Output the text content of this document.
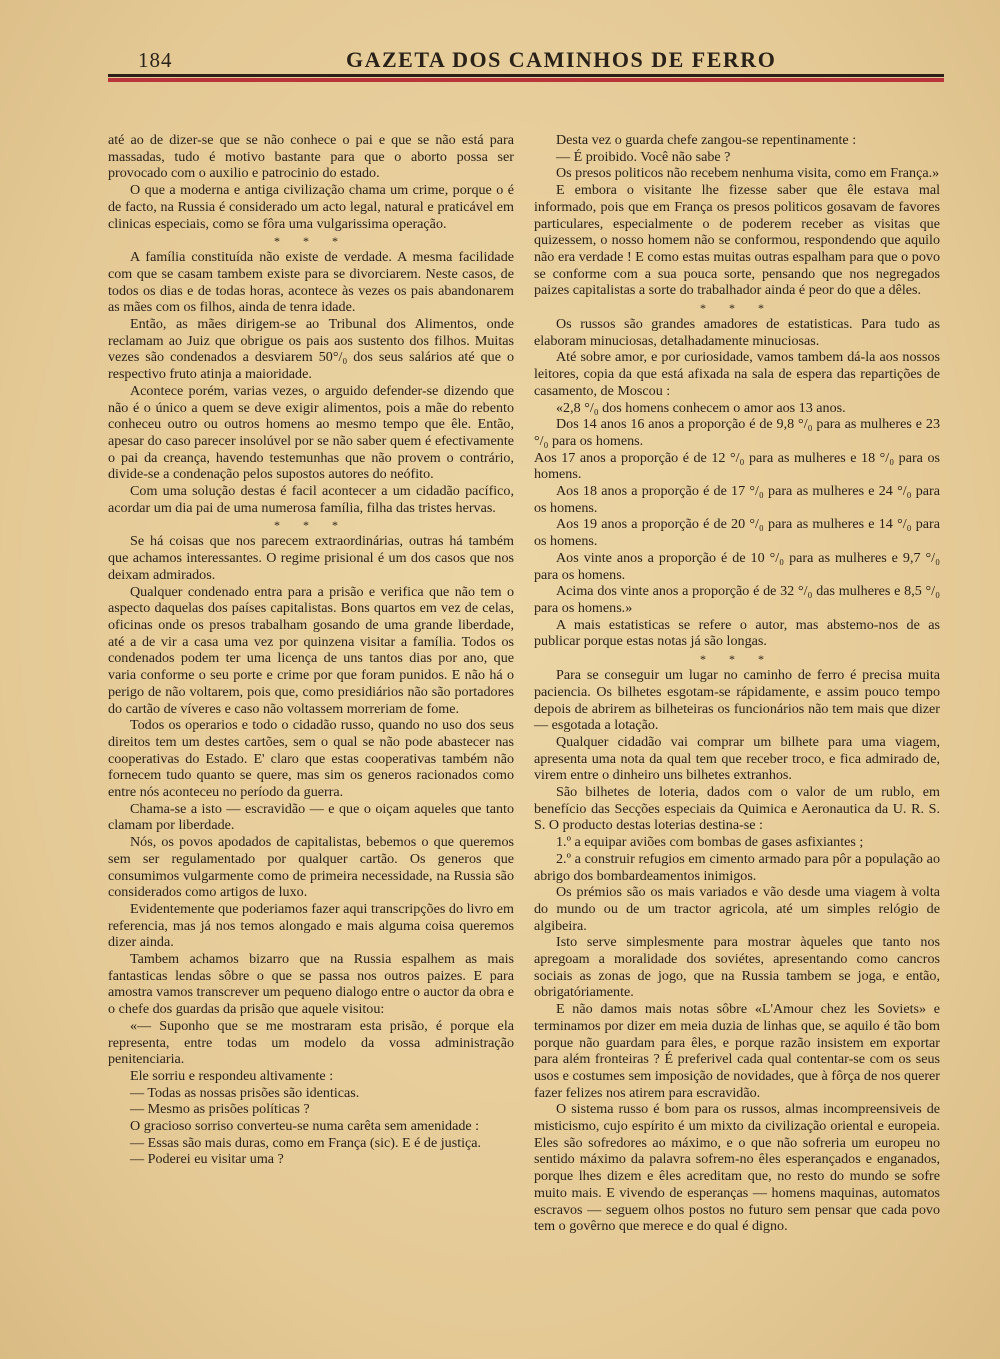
184	GAZETA DOS CAMINHOS DE FERRO

até ao de dizer-se que se não conhece o pai e que se não está para massadas, tudo é motivo bastante para que o aborto possa ser provocado com o auxilio e patrocinio do estado.

O que a moderna e antiga civilização chama um crime, porque o é de facto, na Russia é considerado um acto legal, natural e praticável em clinicas especiais, como se fôra uma vulgarissima operação.

* * *

A família constituída não existe de verdade. A mesma facilidade com que se casam tambem existe para se divorciarem. Neste casos, de todos os dias e de todas horas, acontece às vezes os pais abandonarem as mães com os filhos, ainda de tenra idade.

Então, as mães dirigem-se ao Tribunal dos Alimentos, onde reclamam ao Juiz que obrigue os pais aos sustento dos filhos. Muitas vezes são condenados a desviarem 50°/₀ dos seus salários até que o respectivo fruto atinja a maioridade.

Acontece porém, varias vezes, o arguido defender-se dizendo que não é o único a quem se deve exigir alimentos, pois a mãe do rebento conheceu outro ou outros homens ao mesmo tempo que êle. Então, apesar do caso parecer insolúvel por se não saber quem é efectivamente o pai da creança, havendo testemunhas que não provem o contrário, divide-se a condenação pelos supostos autores do neófito.

Com uma solução destas é facil acontecer a um cidadão pacífico, acordar um dia pai de uma numerosa família, filha das tristes hervas.

* * *

Se há coisas que nos parecem extraordinárias, outras há também que achamos interessantes. O regime prisional é um dos casos que nos deixam admirados.

Qualquer condenado entra para a prisão e verifica que não tem o aspecto daquelas dos países capitalistas. Bons quartos em vez de celas, oficinas onde os presos trabalham gosando de uma grande liberdade, até a de vir a casa uma vez por quinzena visitar a família. Todos os condenados podem ter uma licença de uns tantos dias por ano, que varia conforme o seu porte e crime por que foram punidos. E não há o perigo de não voltarem, pois que, como presidiários não são portadores do cartão de víveres e caso não voltassem morreriam de fome.

Todos os operarios e todo o cidadão russo, quando no uso dos seus direitos tem um destes cartões, sem o qual se não pode abastecer nas cooperativas do Estado. E' claro que estas cooperativas também não fornecem tudo quanto se quere, mas sim os generos racionados como entre nós aconteceu no período da guerra.

Chama-se a isto — escravidão — e que o oiçam aqueles que tanto clamam por liberdade.

Nós, os povos apodados de capitalistas, bebemos o que queremos sem ser regulamentado por qualquer cartão. Os generos que consumimos vulgarmente como de primeira necessidade, na Russia são considerados como artigos de luxo.

Evidentemente que poderiamos fazer aqui transcripções do livro em referencia, mas já nos temos alongado e mais alguma coisa queremos dizer ainda.

Tambem achamos bizarro que na Russia espalhem as mais fantasticas lendas sôbre o que se passa nos outros paizes. E para amostra vamos transcrever um pequeno dialogo entre o auctor da obra e o chefe dos guardas da prisão que aquele visitou:

«— Suponho que se me mostraram esta prisão, é porque ela representa, entre todas um modelo da vossa administração penitenciaria.

Ele sorriu e respondeu altivamente :

— Todas as nossas prisões são identicas.

— Mesmo as prisões políticas ?

O gracioso sorriso converteu-se numa carêta sem amenidade :

— Essas são mais duras, como em França (sic). E é de justiça.

— Poderei eu visitar uma ?

Desta vez o guarda chefe zangou-se repentinamente :

— É proibido. Você não sabe ?

Os presos politicos não recebem nenhuma visita, como em França.»

E embora o visitante lhe fizesse saber que êle estava mal informado, pois que em França os presos politicos gosavam de favores particulares, especialmente o de poderem receber as visitas que quizessem, o nosso homem não se conformou, respondendo que aquilo não era verdade ! E como estas muitas outras espalham para que o povo se conforme com a sua pouca sorte, pensando que nos negregados paizes capitalistas a sorte do trabalhador ainda é peor do que a dêles.

* * *

Os russos são grandes amadores de estatisticas. Para tudo as elaboram minuciosas, detalhadamente minuciosas.

Até sobre amor, e por curiosidade, vamos tambem dá-la aos nossos leitores, copia da que está afixada na sala de espera das repartições de casamento, de Moscou :

«2,8 °/₀ dos homens conhecem o amor aos 13 anos.

Dos 14 anos 16 anos a proporção é de 9,8 °/₀ para as mulheres e 23 °/₀ para os homens.

Aos 17 anos a proporção é de 12 °/₀ para as mulheres e 18 °/₀ para os homens.

Aos 18 anos a proporção é de 17 °/₀ para as mulheres e 24 °/₀ para os homens.

Aos 19 anos a proporção é de 20 °/₀ para as mulheres e 14 °/₀ para os homens.

Aos vinte anos a proporção é de 10 °/₀ para as mulheres e 9,7 °/₀ para os homens.

Acima dos vinte anos a proporção é de 32 °/₀ das mulheres e 8,5 °/₀ para os homens.»

A mais estatisticas se refere o autor, mas abstemo-nos de as publicar porque estas notas já são longas.

* * *

Para se conseguir um lugar no caminho de ferro é precisa muita paciencia. Os bilhetes esgotam-se rápidamente, e assim pouco tempo depois de abrirem as bilheteiras os funcionários não tem mais que dizer — esgotada a lotação.

Qualquer cidadão vai comprar um bilhete para uma viagem, apresenta uma nota da qual tem que receber troco, e fica admirado de, virem entre o dinheiro uns bilhetes extranhos.

São bilhetes de loteria, dados com o valor de um rublo, em benefício das Secções especiais da Quimica e Aeronautica da U. R. S. S. O producto destas loterias destina-se :

1.º a equipar aviões com bombas de gases asfixiantes ;

2.º a construir refugios em cimento armado para pôr a população ao abrigo dos bombardeamentos inimigos.

Os prémios são os mais variados e vão desde uma viagem à volta do mundo ou de um tractor agricola, até um simples relógio de algibeira.

Isto serve simplesmente para mostrar àqueles que tanto nos apregoam a moralidade dos soviétes, apresentando como cancros sociais as zonas de jogo, que na Russia tambem se joga, e então, obrigatóriamente.

E não damos mais notas sôbre «L'Amour chez les Soviets» e terminamos por dizer em meia duzia de linhas que, se aquilo é tão bom porque não guardam para êles, e porque razão insistem em exportar para além fronteiras ? É preferivel cada qual contentar-se com os seus usos e costumes sem imposição de novidades, que à fôrça de nos querer fazer felizes nos atirem para escravidão.

O sistema russo é bom para os russos, almas incompreensiveis de misticismo, cujo espírito é um mixto da civilização oriental e europeia. Eles são sofredores ao máximo, e o que não sofreria um europeu no sentido máximo da palavra sofrem-no êles esperançados e enganados, porque lhes dizem e êles acreditam que, no resto do mundo se sofre muito mais. E vivendo de esperanças — homens maquinas, automatos escravos — seguem olhos postos no futuro sem pensar que cada povo tem o govêrno que merece e do qual é digno.
